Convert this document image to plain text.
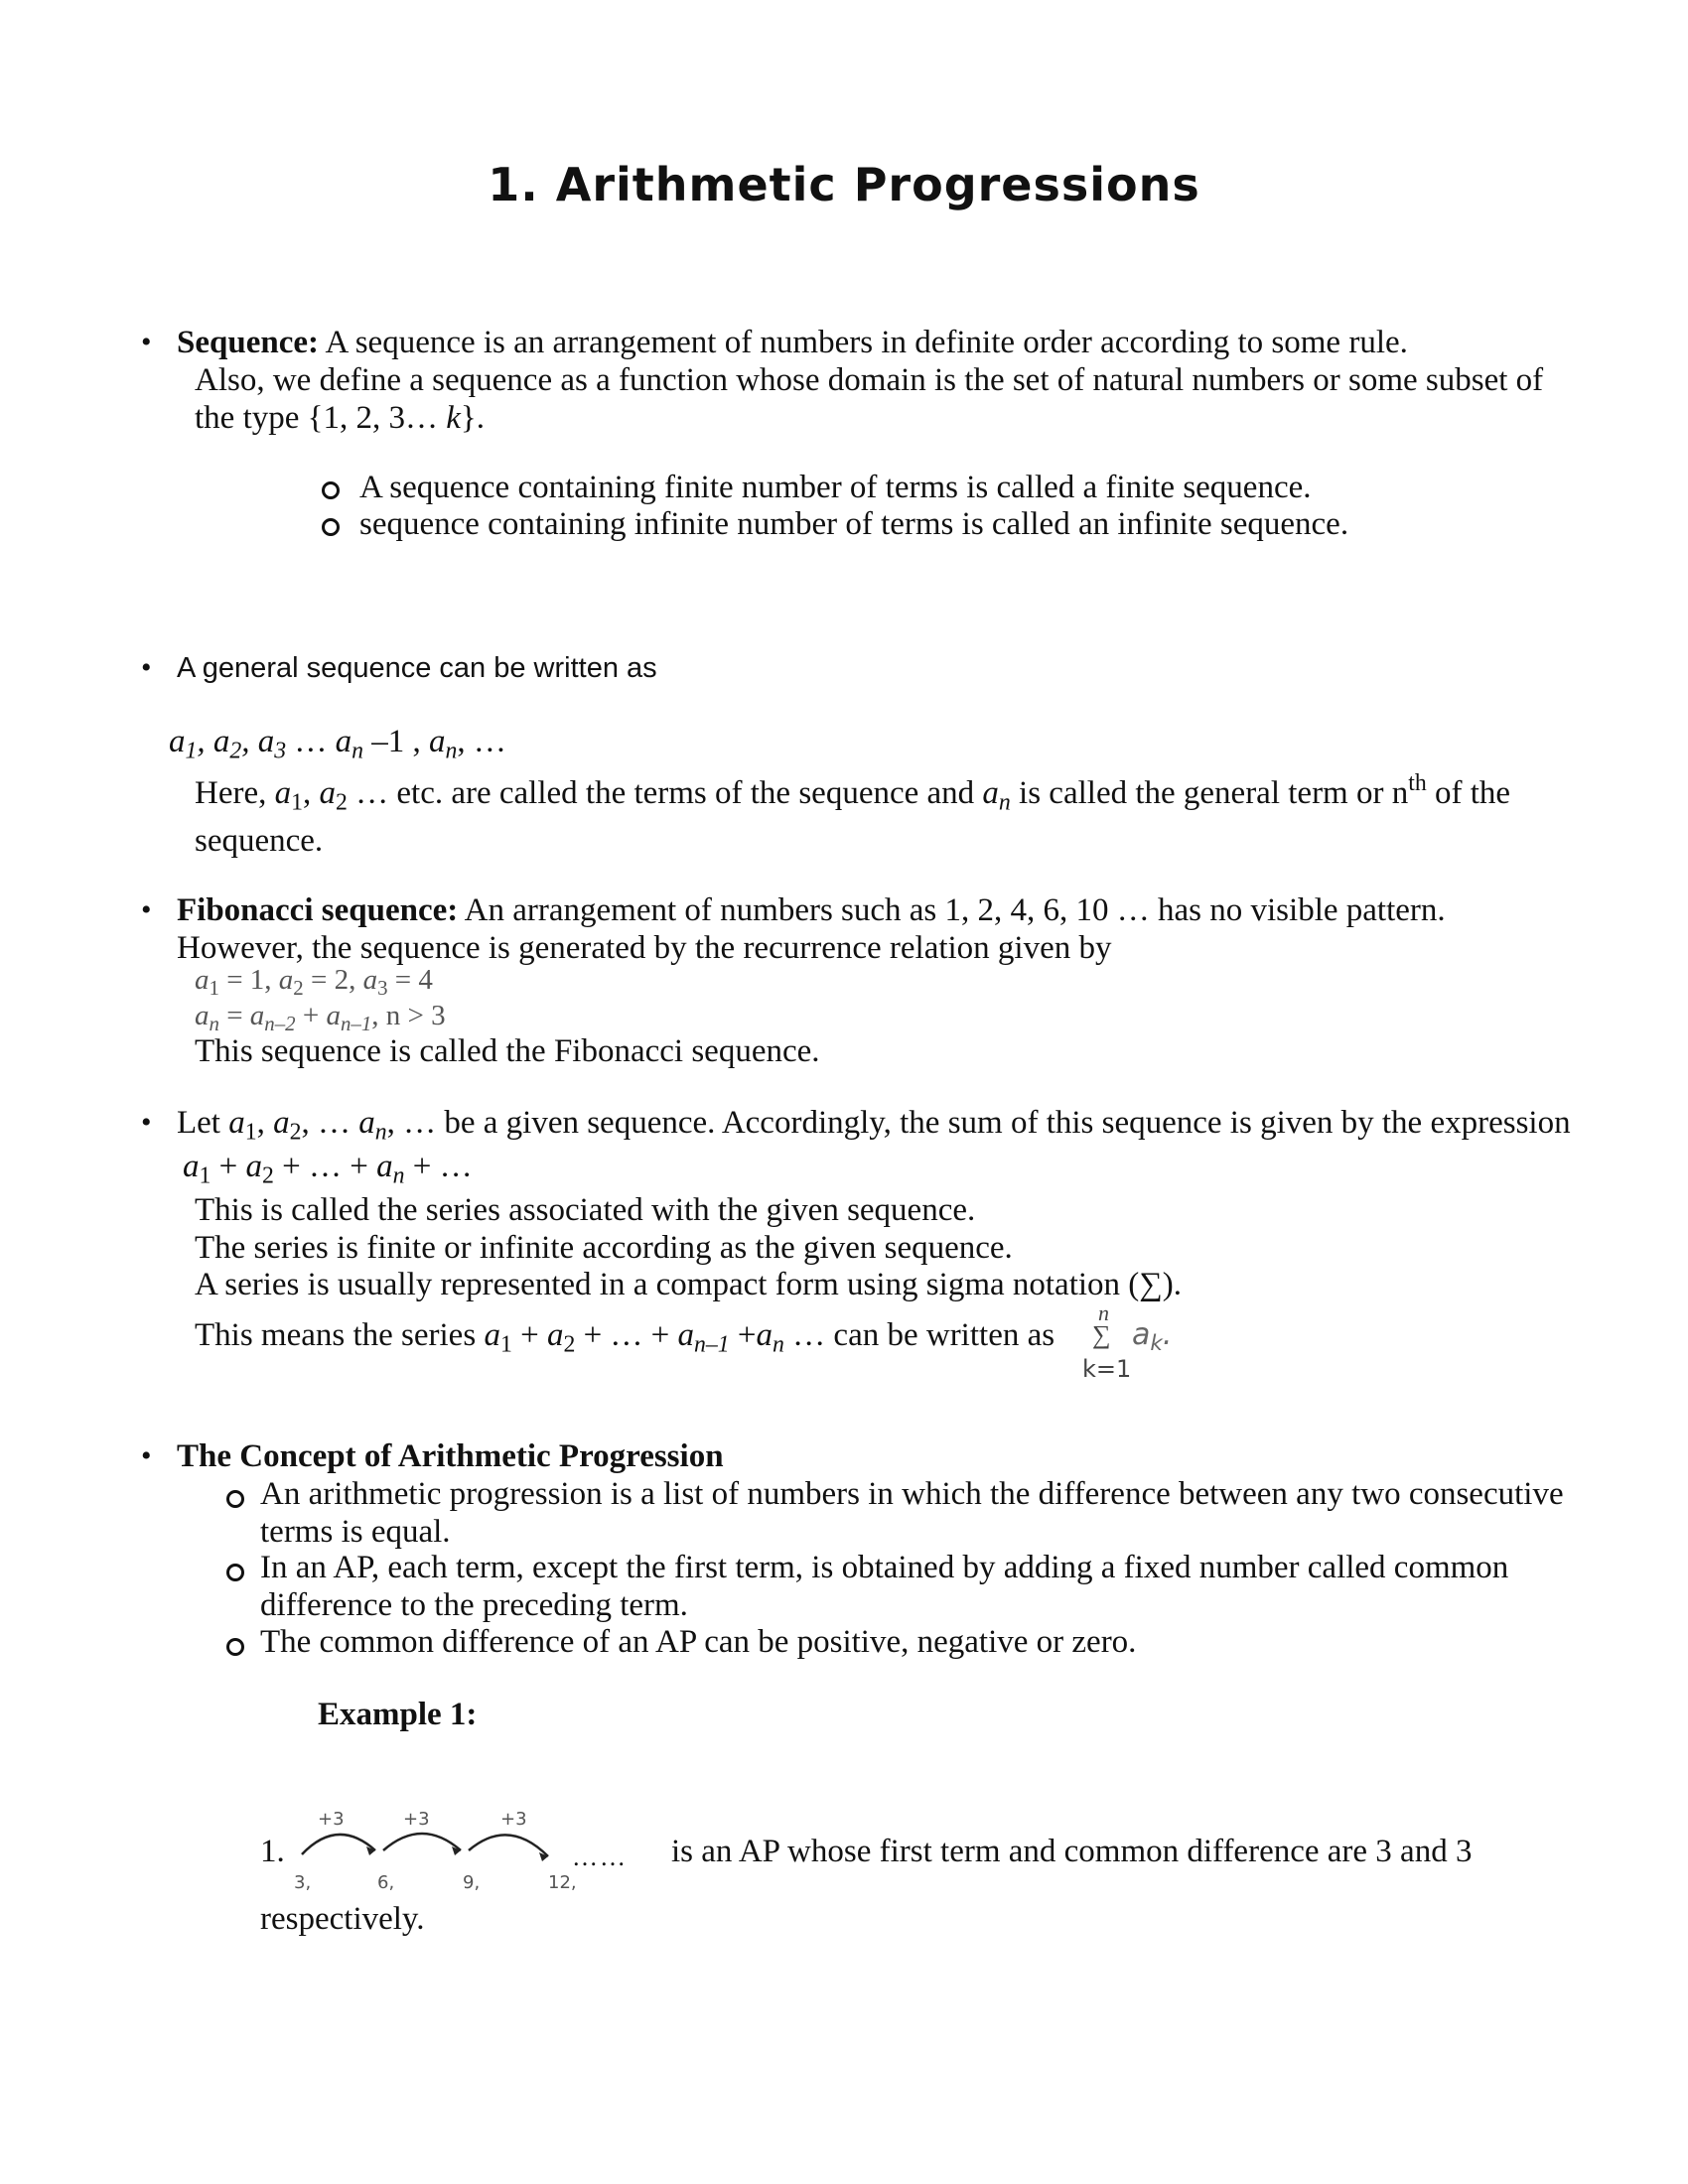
1. Arithmetic Progressions
• Sequence: A sequence is an arrangement of numbers in definite order according to some rule.
Also, we define a sequence as a function whose domain is the set of natural numbers or some subset of
the type {1, 2, 3… k}.
A sequence containing finite number of terms is called a finite sequence.
sequence containing infinite number of terms is called an infinite sequence.
• A general sequence can be written as
$a_1$, $a_2$, $a_3$ … $a_n$ –1 , $a_n$, …
Here, $a_1$, $a_2$ … etc. are called the terms of the sequence and $a_n$ is called the general term or $n^{th}$ of the
sequence.
• Fibonacci sequence: An arrangement of numbers such as 1, 2, 4, 6, 10 … has no visible pattern.
However, the sequence is generated by the recurrence relation given by
$a_1 = 1$, $a_2 = 2$, $a_3 = 4$
$a_n = a_{n-2} + a_{n-1}$, n > 3
This sequence is called the Fibonacci sequence.
• Let $a_1$, $a_2$, … $a_n$, … be a given sequence. Accordingly, the sum of this sequence is given by the expression
$a_1 + a_2$ + … + $a_n$ + …
This is called the series associated with the given sequence.
The series is finite or infinite according as the given sequence.
A series is usually represented in a compact form using sigma notation (∑).
This means the series $a_1 + a_2$ + … + $a_{n-1} +a_n$ … can be written as
n
∑
k=1
$a_k$.
• The Concept of Arithmetic Progression
An arithmetic progression is a list of numbers in which the difference between any two consecutive
terms is equal.
In an AP, each term, except the first term, is obtained by adding a fixed number called common
difference to the preceding term.
The common difference of an AP can be positive, negative or zero.
Example 1:
1.
+3	+3	+3
3,	6,	9,	12,
…… is an AP whose first term and common difference are 3 and 3
respectively.
